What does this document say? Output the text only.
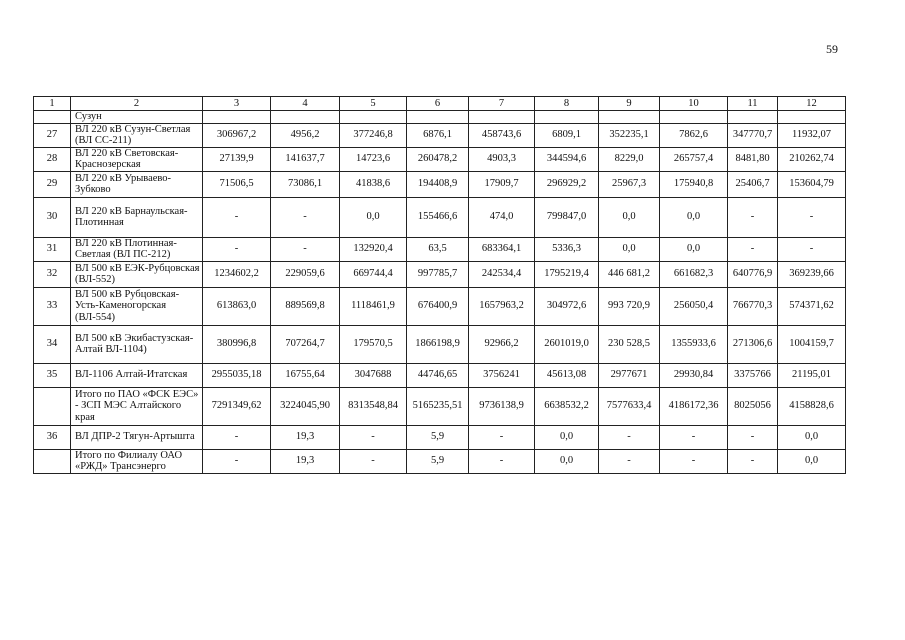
59
1	2	3	4	5	6	7	8	9	10	11	12
	Сузун										
27	ВЛ 220 кВ Сузун-Светлая (ВЛ СС-211)	306967,2	4956,2	377246,8	6876,1	458743,6	6809,1	352235,1	7862,6	347770,7	11932,07
28	ВЛ 220 кВ Световская-Краснозерская	27139,9	141637,7	14723,6	260478,2	4903,3	344594,6	8229,0	265757,4	8481,80	210262,74
29	ВЛ 220 кВ Урываево-Зубково	71506,5	73086,1	41838,6	194408,9	17909,7	296929,2	25967,3	175940,8	25406,7	153604,79
30	ВЛ 220 кВ Барнаульская-Плотинная	-	-	0,0	155466,6	474,0	799847,0	0,0	0,0	-	-
31	ВЛ 220 кВ Плотинная-Светлая (ВЛ ПС-212)	-	-	132920,4	63,5	683364,1	5336,3	0,0	0,0	-	-
32	ВЛ 500 кВ ЕЭК-Рубцовская (ВЛ-552)	1234602,2	229059,6	669744,4	997785,7	242534,4	1795219,4	446 681,2	661682,3	640776,9	369239,66
33	ВЛ 500 кВ Рубцовская-Усть-Каменогорская (ВЛ-554)	613863,0	889569,8	1118461,9	676400,9	1657963,2	304972,6	993 720,9	256050,4	766770,3	574371,62
34	ВЛ 500 кВ Экибастузская-Алтай ВЛ-1104)	380996,8	707264,7	179570,5	1866198,9	92966,2	2601019,0	230 528,5	1355933,6	271306,6	1004159,7
35	ВЛ-1106 Алтай-Итатская	2955035,18	16755,64	3047688	44746,65	3756241	45613,08	2977671	29930,84	3375766	21195,01
	Итого по ПАО «ФСК ЕЭС» - ЗСП МЭС Алтайского края	7291349,62	3224045,90	8313548,84	5165235,51	9736138,9	6638532,2	7577633,4	4186172,36	8025056	4158828,6
36	ВЛ ДПР-2 Тягун-Артышта	-	19,3	-	5,9	-	0,0	-	-	-	0,0
	Итого по Филиалу ОАО «РЖД» Трансэнерго	-	19,3	-	5,9	-	0,0	-	-	-	0,0
